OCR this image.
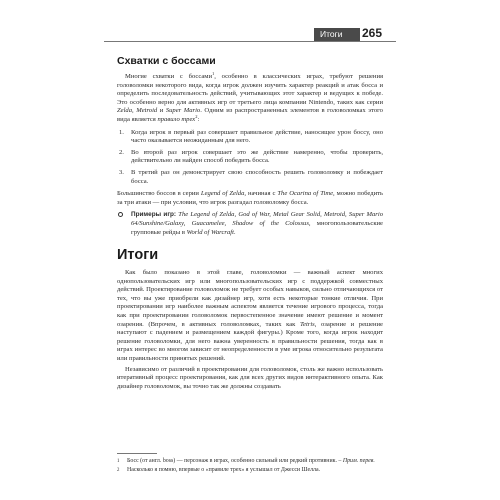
Итоги	265
Схватки с боссами

Многие схватки с боссами$^1$, особенно в классических играх, требуют решения головоломки некоторого вида, когда игрок должен изучить характер реакций и атак босса и определить последовательность действий, учитывающих этот характер и ведущих к победе. Это особенно верно для активных игр от третьего лица компании Nintendo, таких как серии Zelda, Metroid и Super Mario. Одним из распространенных элементов в головоломках этого вида является правило трех$^2$:

1. Когда игрок в первый раз совершает правильное действие, наносящее урон боссу, оно часто оказывается неожиданным для него.
2. Во второй раз игрок совершает это же действие намеренно, чтобы проверить, действительно ли найден способ победить босса.
3. В третий раз он демонстрирует свою способность решить головоломку и побеждает босса.

Большинство боссов в серии Legend of Zelda, начиная с The Ocarina of Time, можно победить за три атаки — при условии, что игрок разгадал головоломку босса.

Примеры игр: The Legend of Zelda, God of War, Metal Gear Solid, Metroid, Super Mario 64/Sunshine/Galaxy, Guacamelee, Shadow of the Colossus, многопользовательские групповые рейды в World of Warcraft.
Итоги

Как было показано в этой главе, головоломки — важный аспект многих однопользовательских игр или многопользовательских игр с поддержкой совместных действий. Проектирование головоломок не требует особых навыков, сильно отличающихся от тех, что вы уже приобрели как дизайнер игр, хотя есть некоторые тонкие отличия. При проектировании игр наиболее важным аспектом является течение игрового процесса, тогда как при проектировании головоломок первостепенное значение имеют решение и момент озарения. (Впрочем, в активных головоломках, таких как Tetris, озарение и решение наступают с падением и размещением каждой фигуры.) Кроме того, когда игрок находит решение головоломки, для него важна уверенность в правильности решения, тогда как в играх интерес во многом зависит от неопределенности в уме игрока относительно результата или правильности принятых решений.

Независимо от различий в проектировании для головоломок, столь же важно использовать итеративный процесс проектирования, как для всех других видов интерактивного опыта. Как дизайнер головоломок, вы точно так же должны создавать

1 Босс (от англ. boss) — персонаж в играх, особенно сильный или редкий противник. – Прим. перев.
2 Насколько я помню, впервые о «правиле трех» я услышал от Джесси Шелла.
